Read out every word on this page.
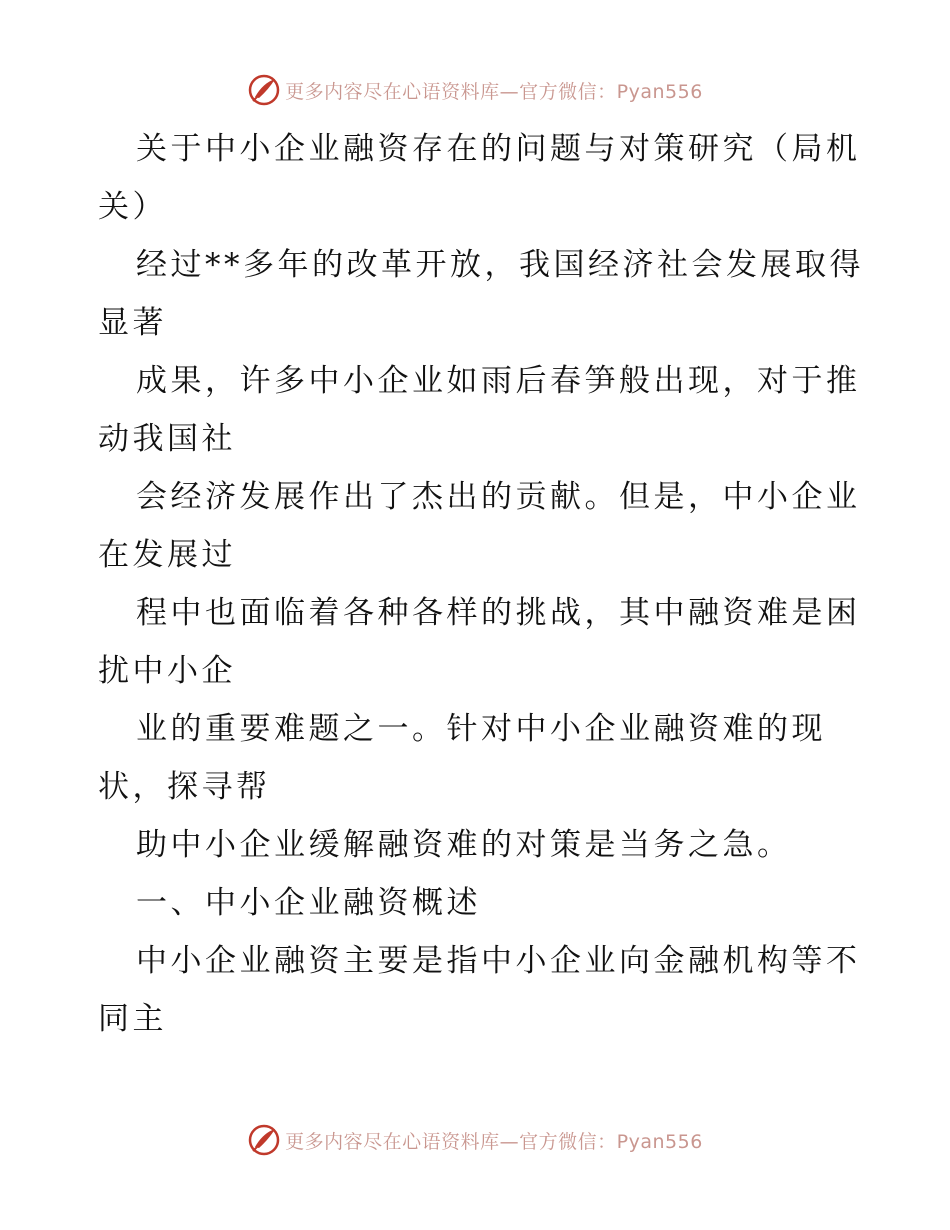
更多内容尽在心语资料库—官方微信：Pyan556
关于中小企业融资存在的问题与对策研究（局机
关）
经过**多年的改革开放，我国经济社会发展取得
显著
成果，许多中小企业如雨后春笋般出现，对于推
动我国社
会经济发展作出了杰出的贡献。但是，中小企业
在发展过
程中也面临着各种各样的挑战，其中融资难是困
扰中小企
业的重要难题之一。针对中小企业融资难的现
状，探寻帮
助中小企业缓解融资难的对策是当务之急。
一、中小企业融资概述
中小企业融资主要是指中小企业向金融机构等不
同主
更多内容尽在心语资料库—官方微信：Pyan556
